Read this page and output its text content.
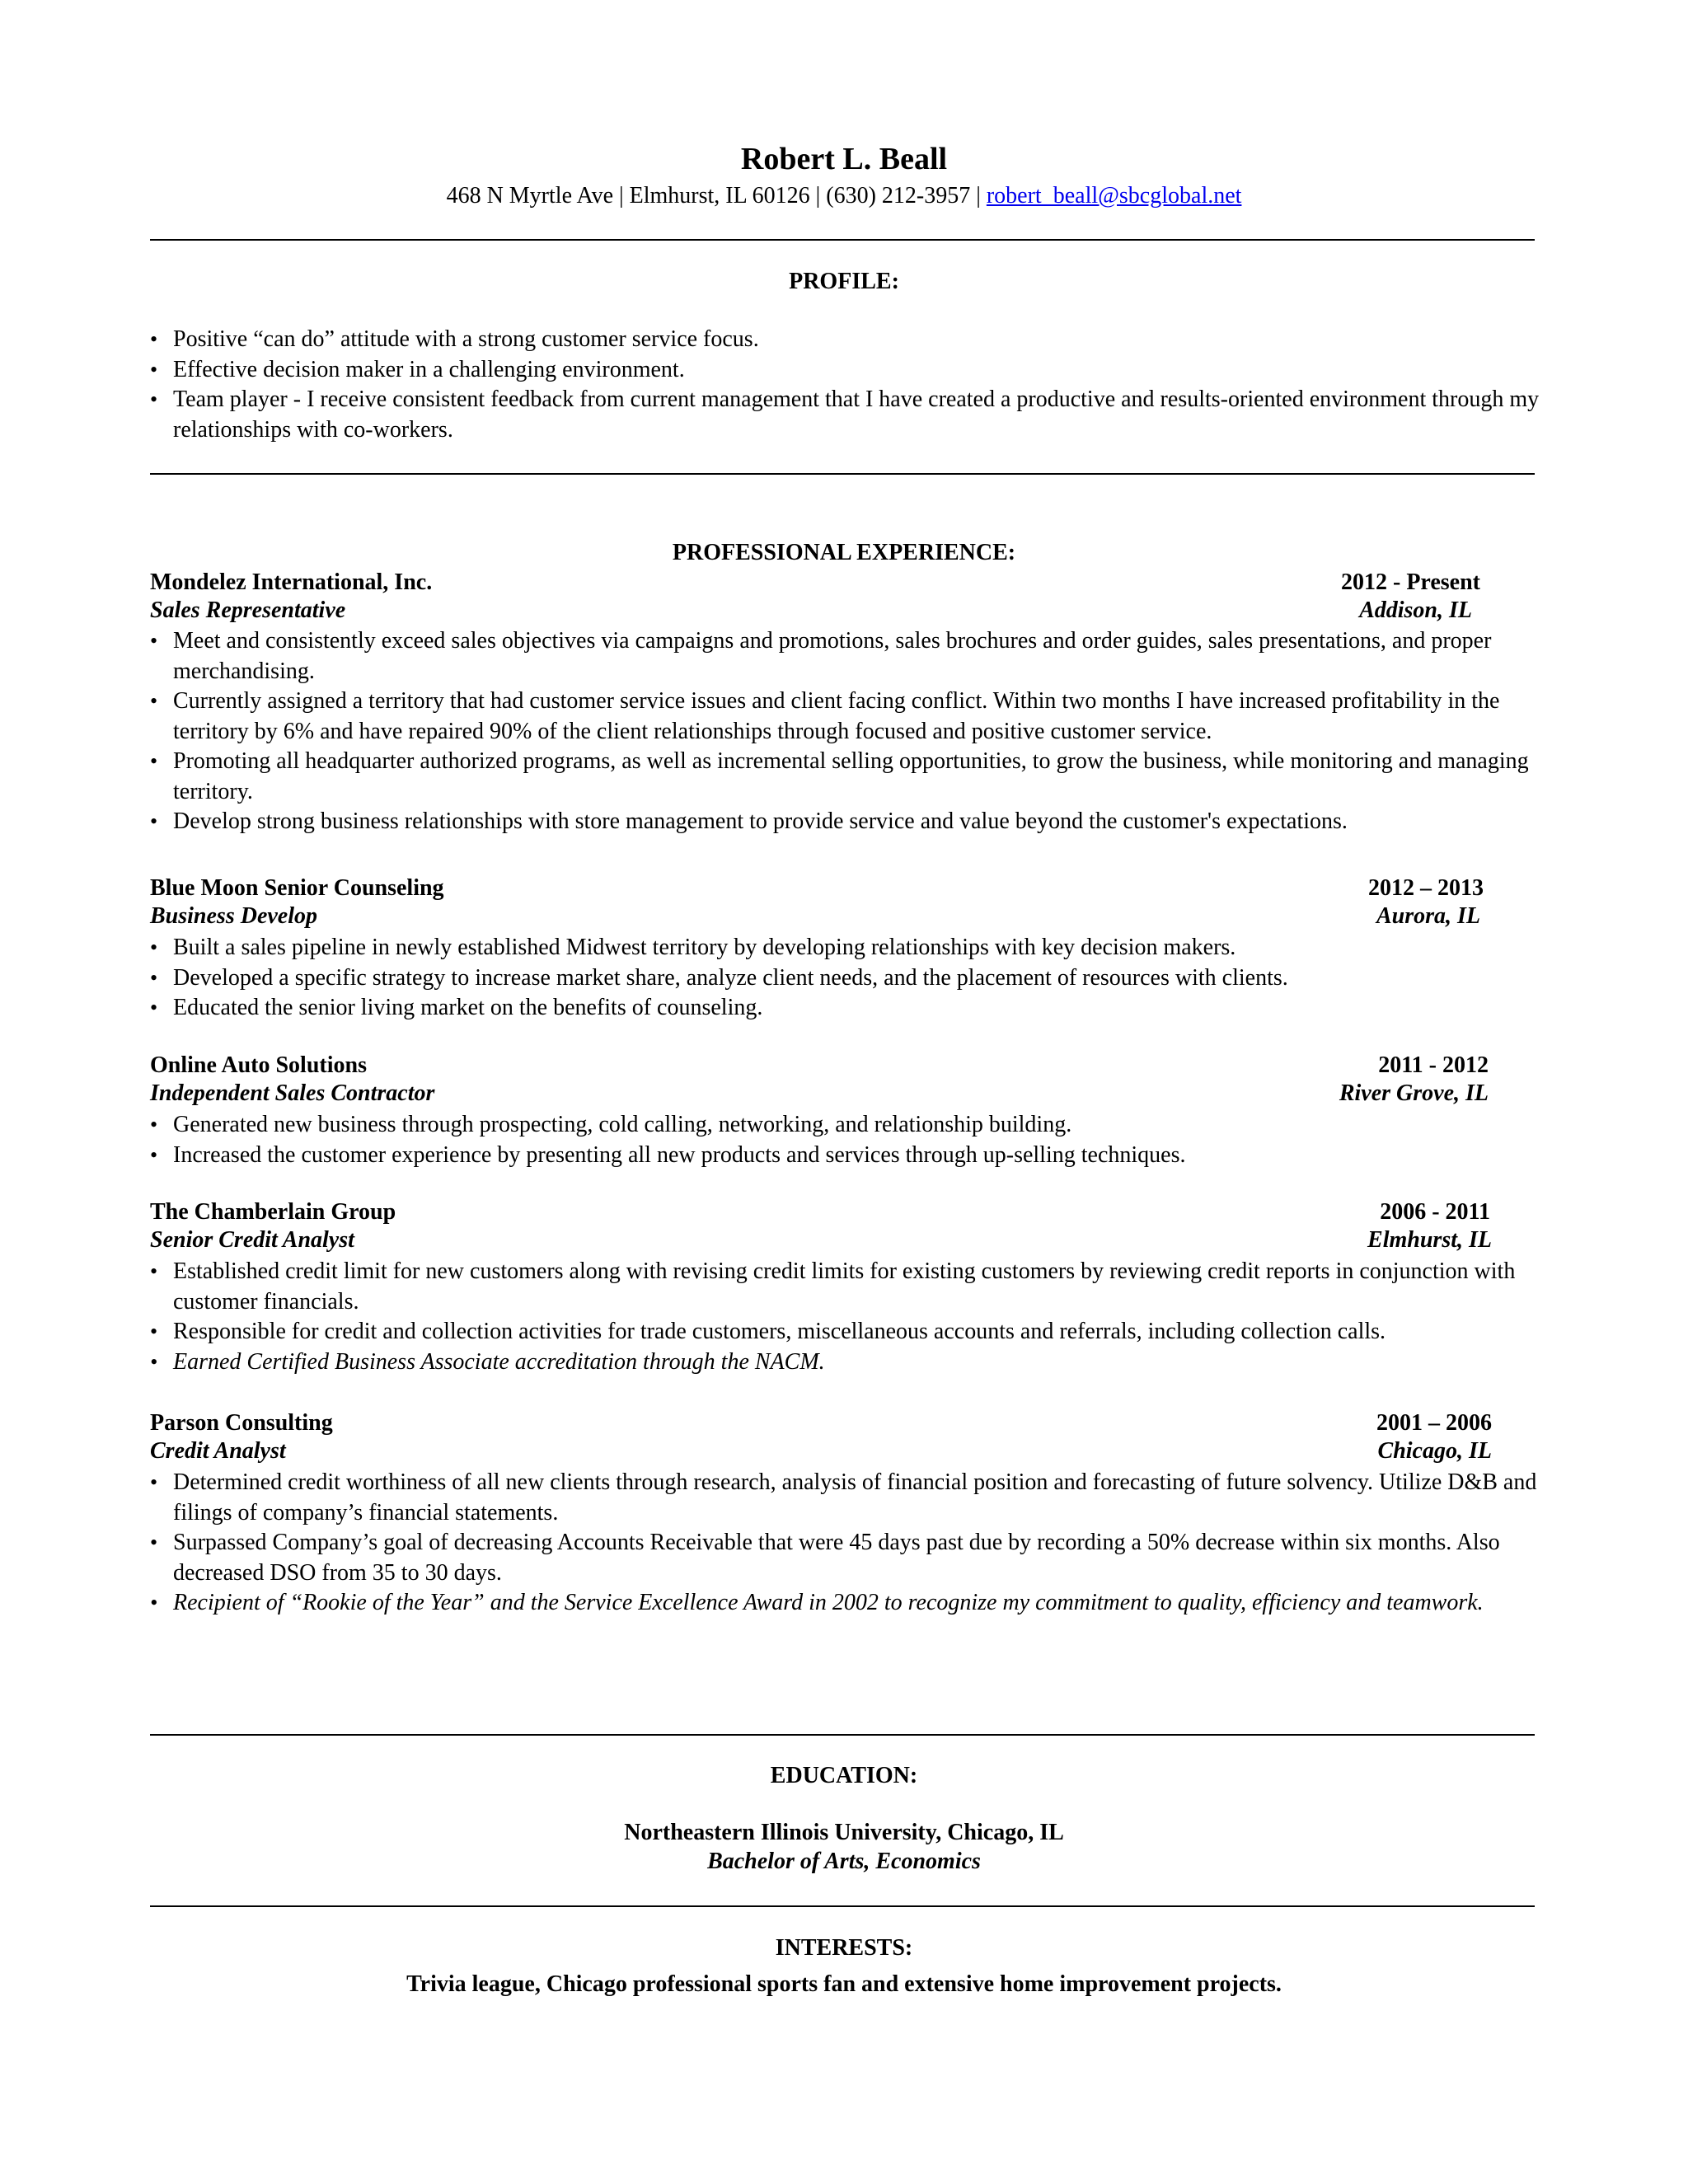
Robert L. Beall
468 N Myrtle Ave | Elmhurst, IL 60126 | (630) 212-3957 | robert_beall@sbcglobal.net
PROFILE:
• Positive “can do” attitude with a strong customer service focus.
• Effective decision maker in a challenging environment.
• Team player - I receive consistent feedback from current management that I have created a productive and results-oriented environment through my relationships with co-workers.
PROFESSIONAL EXPERIENCE:
Mondelez International, Inc.	2012 - Present
Sales Representative	Addison, IL
• Meet and consistently exceed sales objectives via campaigns and promotions, sales brochures and order guides, sales presentations, and proper merchandising.
• Currently assigned a territory that had customer service issues and client facing conflict. Within two months I have increased profitability in the territory by 6% and have repaired 90% of the client relationships through focused and positive customer service.
• Promoting all headquarter authorized programs, as well as incremental selling opportunities, to grow the business, while monitoring and managing territory.
• Develop strong business relationships with store management to provide service and value beyond the customer's expectations.
Blue Moon Senior Counseling	2012 – 2013
Business Develop	Aurora, IL
• Built a sales pipeline in newly established Midwest territory by developing relationships with key decision makers.
• Developed a specific strategy to increase market share, analyze client needs, and the placement of resources with clients.
• Educated the senior living market on the benefits of counseling.
Online Auto Solutions	2011 - 2012
Independent Sales Contractor	River Grove, IL
• Generated new business through prospecting, cold calling, networking, and relationship building.
• Increased the customer experience by presenting all new products and services through up-selling techniques.
The Chamberlain Group	2006 - 2011
Senior Credit Analyst	Elmhurst, IL
• Established credit limit for new customers along with revising credit limits for existing customers by reviewing credit reports in conjunction with customer financials.
• Responsible for credit and collection activities for trade customers, miscellaneous accounts and referrals, including collection calls.
• Earned Certified Business Associate accreditation through the NACM.
Parson Consulting	2001 – 2006
Credit Analyst	Chicago, IL
• Determined credit worthiness of all new clients through research, analysis of financial position and forecasting of future solvency. Utilize D&B and filings of company’s financial statements.
• Surpassed Company’s goal of decreasing Accounts Receivable that were 45 days past due by recording a 50% decrease within six months. Also decreased DSO from 35 to 30 days.
• Recipient of “Rookie of the Year” and the Service Excellence Award in 2002 to recognize my commitment to quality, efficiency and teamwork.
EDUCATION:
Northeastern Illinois University, Chicago, IL
Bachelor of Arts, Economics
INTERESTS:
Trivia league, Chicago professional sports fan and extensive home improvement projects.
